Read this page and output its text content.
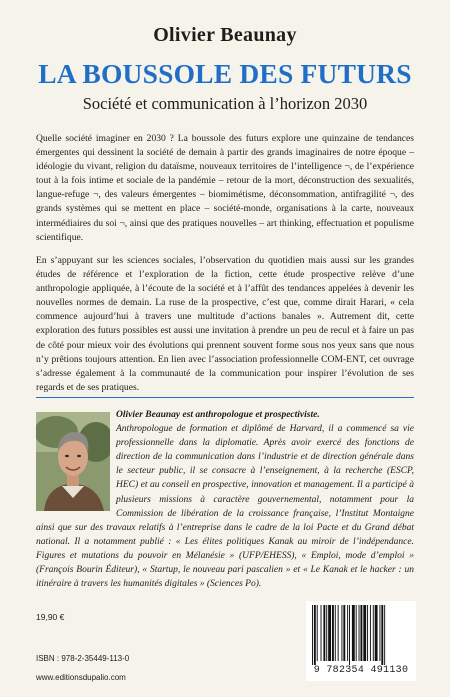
Olivier Beaunay
LA BOUSSOLE DES FUTURS
Société et communication à l’horizon 2030

Quelle société imaginer en 2030 ? La boussole des futurs explore une quinzaine de tendances émergentes qui dessinent la société de demain à partir des grands imaginaires de notre époque – idéologie du vivant, religion du dataïsme, nouveaux territoires de l’intelligence ¬, de l’expérience tout à la fois intime et sociale de la pandémie – retour de la mort, déconstruction des sexualités, langue-refuge ¬, des valeurs émergentes – biomimétisme, déconsommation, antifragilité ¬, des grands systèmes qui se mettent en place – société-monde, organisations à la carte, nouveaux intermédiaires du soi ¬, ainsi que des pratiques nouvelles – art thinking, effectuation et populisme scientifique.

En s’appuyant sur les sciences sociales, l’observation du quotidien mais aussi sur les grandes études de référence et l’exploration de la fiction, cette étude prospective relève d’une anthropologie appliquée, à l’écoute de la société et à l’affût des tendances appelées à devenir les nouvelles normes de demain. La ruse de la prospective, c’est que, comme dirait Harari, « cela commence aujourd’hui à travers une multitude d’actions banales ». Autrement dit, cette exploration des futurs possibles est aussi une invitation à prendre un peu de recul et à faire un pas de côté pour mieux voir des évolutions qui prennent souvent forme sous nos yeux sans que nous n’y prêtions toujours attention. En lien avec l’association professionnelle COM-ENT, cet ouvrage s’adresse également à la communauté de la communication pour inspirer l’évolution de ses regards et de ses pratiques.

Olivier Beaunay est anthropologue et prospectiviste.
Anthropologue de formation et diplômé de Harvard, il a commencé sa vie professionnelle dans la diplomatie. Après avoir exercé des fonctions de direction de la communication dans l’industrie et de direction générale dans le secteur public, il se consacre à l’enseignement, à la recherche (ESCP, HEC) et au conseil en prospective, innovation et management. Il a participé à plusieurs missions à caractère gouvernemental, notamment pour la Commission de libération de la croissance française, l’Institut Montaigne ainsi que sur des travaux relatifs à l’entreprise dans le cadre de la loi Pacte et du Grand débat national. Il a notamment publié : « Les élites politiques Kanak au miroir de l’indépendance. Figures et mutations du pouvoir en Mélanésie » (UFP/EHESS), « Emploi, mode d’emploi » (François Bourin Éditeur), « Startup, le nouveau pari pascalien » et « Le Kanak et le hacker : un itinéraire à travers les humanités digitales » (Sciences Po).

19,90 €
ISBN : 978-2-35449-113-0
www.editionsdupalio.com
9 782354 491130
